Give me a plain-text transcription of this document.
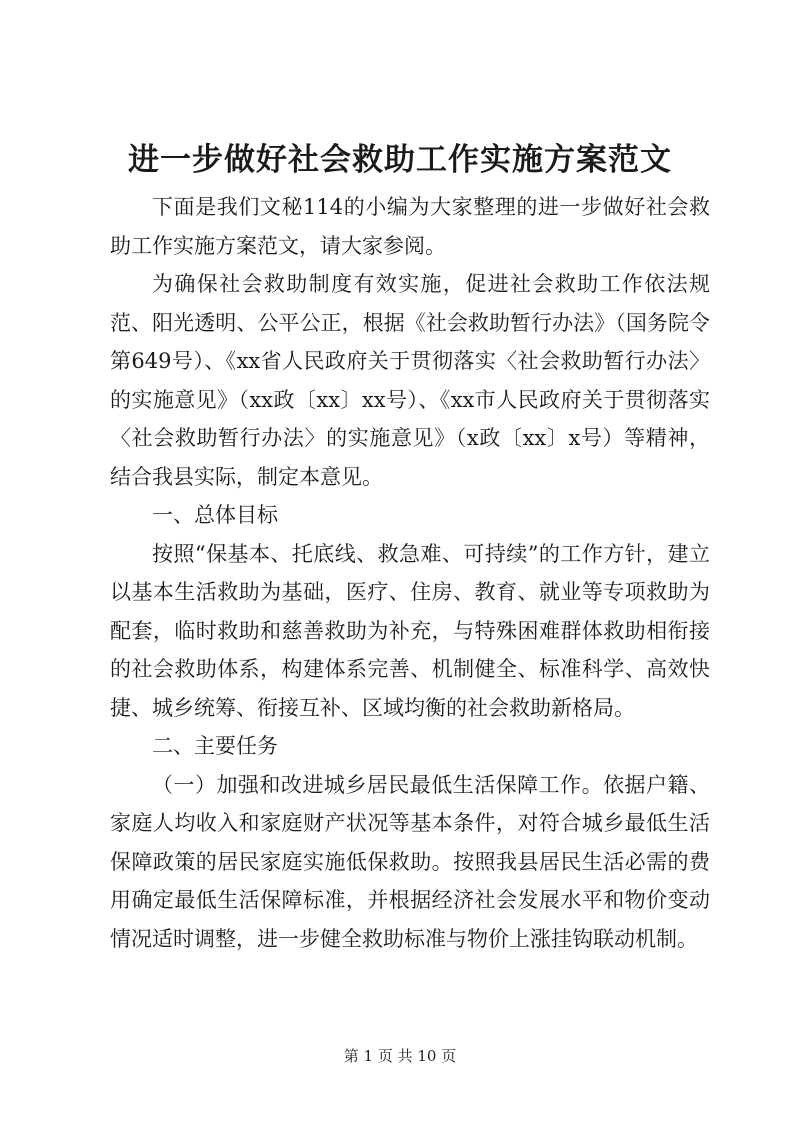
进一步做好社会救助工作实施方案范文

下面是我们文秘114的小编为大家整理的进一步做好社会救助工作实施方案范文，请大家参阅。

为确保社会救助制度有效实施，促进社会救助工作依法规范、阳光透明、公平公正，根据《社会救助暂行办法》（国务院令第649号）、《xx省人民政府关于贯彻落实〈社会救助暂行办法〉的实施意见》（xx政〔xx〕xx号）、《xx市人民政府关于贯彻落实〈社会救助暂行办法〉的实施意见》（x政〔xx〕x号）等精神，结合我县实际，制定本意见。

一、总体目标

按照“保基本、托底线、救急难、可持续”的工作方针，建立以基本生活救助为基础，医疗、住房、教育、就业等专项救助为配套，临时救助和慈善救助为补充，与特殊困难群体救助相衔接的社会救助体系，构建体系完善、机制健全、标准科学、高效快捷、城乡统筹、衔接互补、区域均衡的社会救助新格局。

二、主要任务

（一）加强和改进城乡居民最低生活保障工作。依据户籍、家庭人均收入和家庭财产状况等基本条件，对符合城乡最低生活保障政策的居民家庭实施低保救助。按照我县居民生活必需的费用确定最低生活保障标准，并根据经济社会发展水平和物价变动情况适时调整，进一步健全救助标准与物价上涨挂钩联动机制。

第 1 页 共 10 页
